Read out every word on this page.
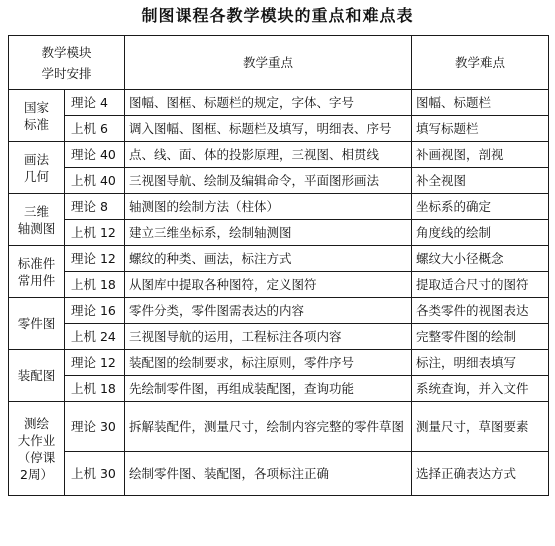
制图课程各教学模块的重点和难点表
教学模块
学时安排		教学重点	教学难点

国家
标准	理论 4	图幅、图框、标题栏的规定，字体、字号	图幅、标题栏
	上机 6	调入图幅、图框、标题栏及填写，明细表、序号	填写标题栏

画法
几何	理论 40	点、线、面、体的投影原理，三视图、相贯线	补画视图，剖视
	上机 40	三视图导航、绘制及编辑命令，平面图形画法	补全视图

三维
轴测图	理论 8	轴测图的绘制方法（柱体）	坐标系的确定
	上机 12	建立三维坐标系，绘制轴测图	角度线的绘制

标准件
常用件	理论 12	螺纹的种类、画法，标注方式	螺纹大小径概念
	上机 18	从图库中提取各种图符，定义图符	提取适合尺寸的图符

零件图	理论 16	零件分类，零件图需表达的内容	各类零件的视图表达
	上机 24	三视图导航的运用，工程标注各项内容	完整零件图的绘制

装配图	理论 12	装配图的绘制要求，标注原则，零件序号	标注，明细表填写
	上机 18	先绘制零件图，再组成装配图，查询功能	系统查询，并入文件

测绘
大作业
（停课
2周）	理论 30	拆解装配件，测量尺寸，绘制内容完整的零件草图	测量尺寸，草图要素
	上机 30	绘制零件图、装配图，各项标注正确	选择正确表达方式
